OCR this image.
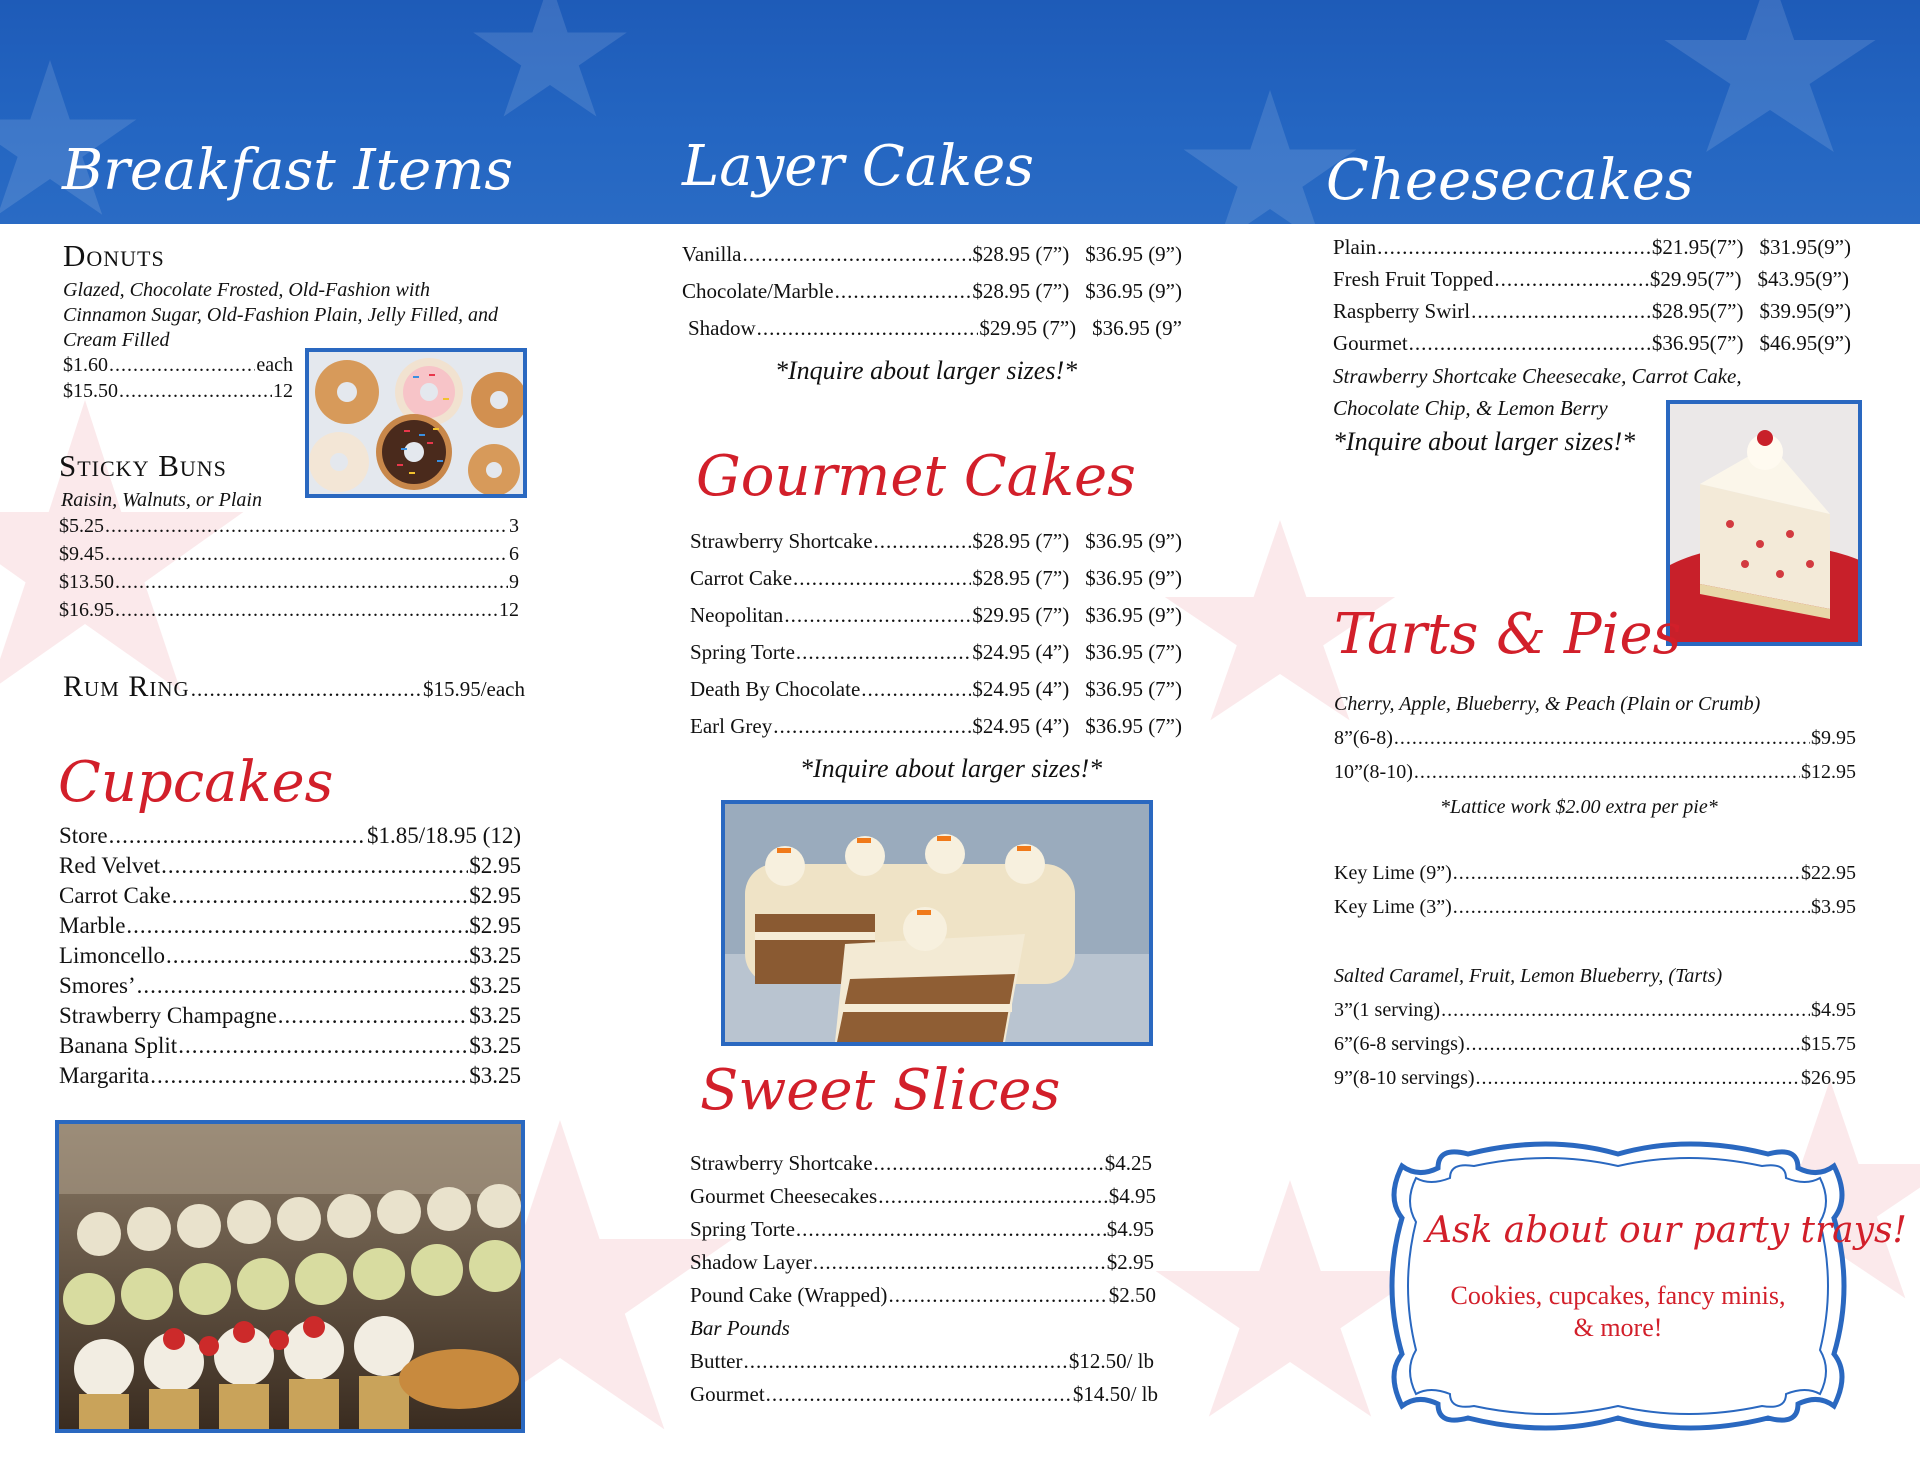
Breakfast Items	Layer Cakes	Cheesecakes
Donuts
Glazed, Chocolate Frosted, Old-Fashion with Cinnamon Sugar, Old-Fashion Plain, Jelly Filled, and Cream Filled
$1.60 .....	each
$15.50 .....	12
Sticky Buns
Raisin, Walnuts, or Plain
$5.25 .....	3
$9.45 .....	6
$13.50 .....	9
$16.95 .....	12
Rum Ring .....	$15.95/each
Cupcakes
Store .....	$1.85/18.95 (12)
Red Velvet .....	$2.95
Carrot Cake .....	$2.95
Marble .....	$2.95
Limoncello .....	$3.25
Smores’ .....	$3.25
Strawberry Champagne .....	$3.25
Banana Split .....	$3.25
Margarita .....	$3.25
Vanilla .....	$28.95 (7”) $36.95 (9”)
Chocolate/Marble .....	$28.95 (7”) $36.95 (9”)
Shadow .....	$29.95 (7”) $36.95 (9”
*Inquire about larger sizes!*
Gourmet Cakes
Strawberry Shortcake .....	$28.95 (7”) $36.95 (9”)
Carrot Cake .....	$28.95 (7”) $36.95 (9”)
Neopolitan .....	$29.95 (7”) $36.95 (9”)
Spring Torte .....	$24.95 (4”) $36.95 (7”)
Death By Chocolate .....	$24.95 (4”) $36.95 (7”)
Earl Grey .....	$24.95 (4”) $36.95 (7”)
*Inquire about larger sizes!*
Sweet Slices
Strawberry Shortcake .....	$4.25
Gourmet Cheesecakes .....	$4.95
Spring Torte .....	$4.95
Shadow Layer .....	$2.95
Pound Cake (Wrapped) .....	$2.50
Bar Pounds
Butter .....	$12.50/ lb
Gourmet .....	$14.50/ lb
Plain .....	$21.95(7”) $31.95(9”)
Fresh Fruit Topped .....	$29.95(7”) $43.95(9”)
Raspberry Swirl .....	$28.95(7”) $39.95(9”)
Gourmet .....	$36.95(7”) $46.95(9”)
Strawberry Shortcake Cheesecake, Carrot Cake, Chocolate Chip, & Lemon Berry
*Inquire about larger sizes!*
Tarts & Pies
Cherry, Apple, Blueberry, & Peach (Plain or Crumb)
8”(6-8) .....	$9.95
10”(8-10) .....	$12.95
*Lattice work $2.00 extra per pie*
Key Lime (9”) .....	$22.95
Key Lime (3”) .....	$3.95
Salted Caramel, Fruit, Lemon Blueberry, (Tarts)
3”(1 serving) .....	$4.95
6”(6-8 servings) .....	$15.75
9”(8-10 servings) .....	$26.95
Ask about our party trays!
Cookies, cupcakes, fancy minis,
& more!
